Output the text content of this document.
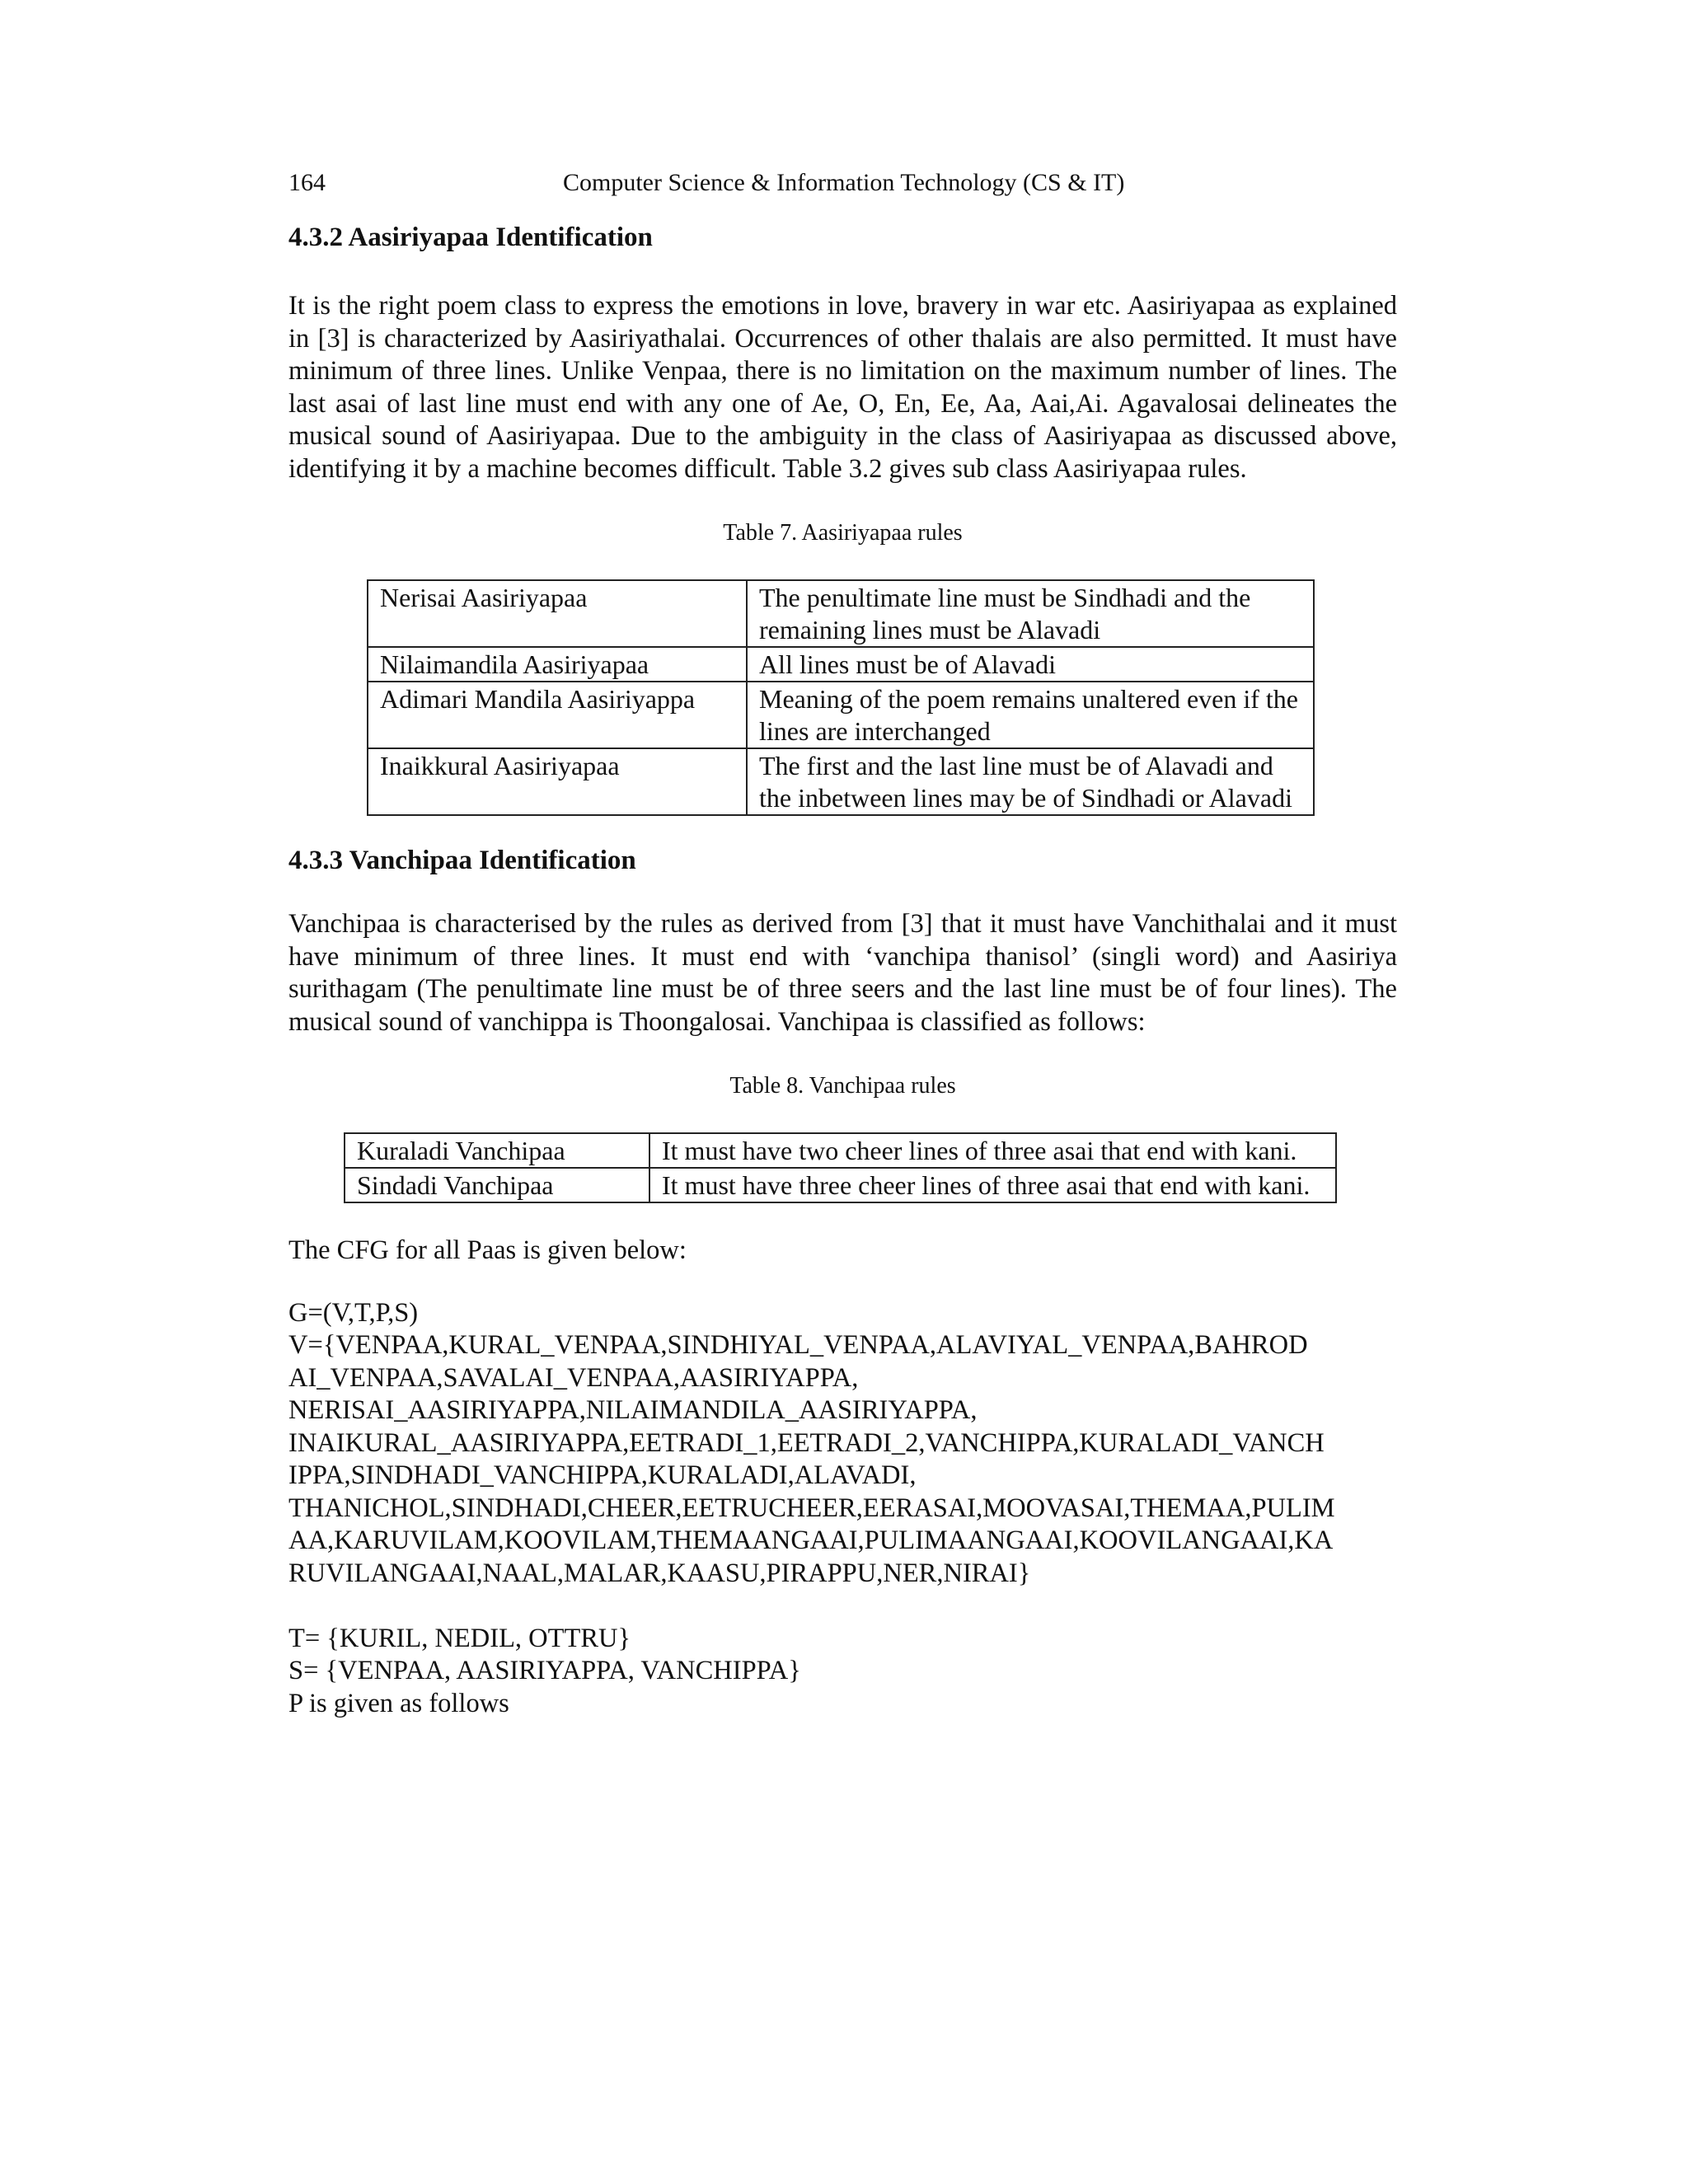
164	Computer Science & Information Technology (CS & IT)
4.3.2 Aasiriyapaa Identification

It is the right poem class to express the emotions in love, bravery in war etc. Aasiriyapaa as explained in [3] is characterized by Aasiriyathalai. Occurrences of other thalais are also permitted. It must have minimum of three lines. Unlike Venpaa, there is no limitation on the maximum number of lines. The last asai of last line must end with any one of Ae, O, En, Ee, Aa, Aai,Ai. Agavalosai delineates the musical sound of Aasiriyapaa. Due to the ambiguity in the class of Aasiriyapaa as discussed above, identifying it by a machine becomes difficult. Table 3.2 gives sub class Aasiriyapaa rules.

Table 7. Aasiriyapaa rules
Nerisai Aasiriyapaa	The penultimate line must be Sindhadi and the remaining lines must be Alavadi
Nilaimandila Aasiriyapaa	All lines must be of Alavadi
Adimari Mandila Aasiriyappa	Meaning of the poem remains unaltered even if the lines are interchanged
Inaikkural Aasiriyapaa	The first and the last line must be of Alavadi and the inbetween lines may be of Sindhadi or Alavadi
4.3.3 Vanchipaa Identification

Vanchipaa is characterised by the rules as derived from [3] that it must have Vanchithalai and it must have minimum of three lines. It must end with ‘vanchipa thanisol’ (singli word) and Aasiriya surithagam (The penultimate line must be of three seers and the last line must be of four lines). The musical sound of vanchippa is Thoongalosai. Vanchipaa is classified as follows:

Table 8. Vanchipaa rules
Kuraladi Vanchipaa	It must have two cheer lines of three asai that end with kani.
Sindadi Vanchipaa	It must have three cheer lines of three asai that end with kani.

The CFG for all Paas is given below:

G=(V,T,P,S)
V={VENPAA,KURAL_VENPAA,SINDHIYAL_VENPAA,ALAVIYAL_VENPAA,BAHROD
AI_VENPAA,SAVALAI_VENPAA,AASIRIYAPPA,
NERISAI_AASIRIYAPPA,NILAIMANDILA_AASIRIYAPPA,
INAIKURAL_AASIRIYAPPA,EETRADI_1,EETRADI_2,VANCHIPPA,KURALADI_VANCH
IPPA,SINDHADI_VANCHIPPA,KURALADI,ALAVADI,
THANICHOL,SINDHADI,CHEER,EETRUCHEER,EERASAI,MOOVASAI,THEMAA,PULIM
AA,KARUVILAM,KOOVILAM,THEMAANGAAI,PULIMAANGAAI,KOOVILANGAAI,KA
RUVILANGAAI,NAAL,MALAR,KAASU,PIRAPPU,NER,NIRAI}
T= {KURIL, NEDIL, OTTRU}
S= {VENPAA, AASIRIYAPPA, VANCHIPPA}
P is given as follows
